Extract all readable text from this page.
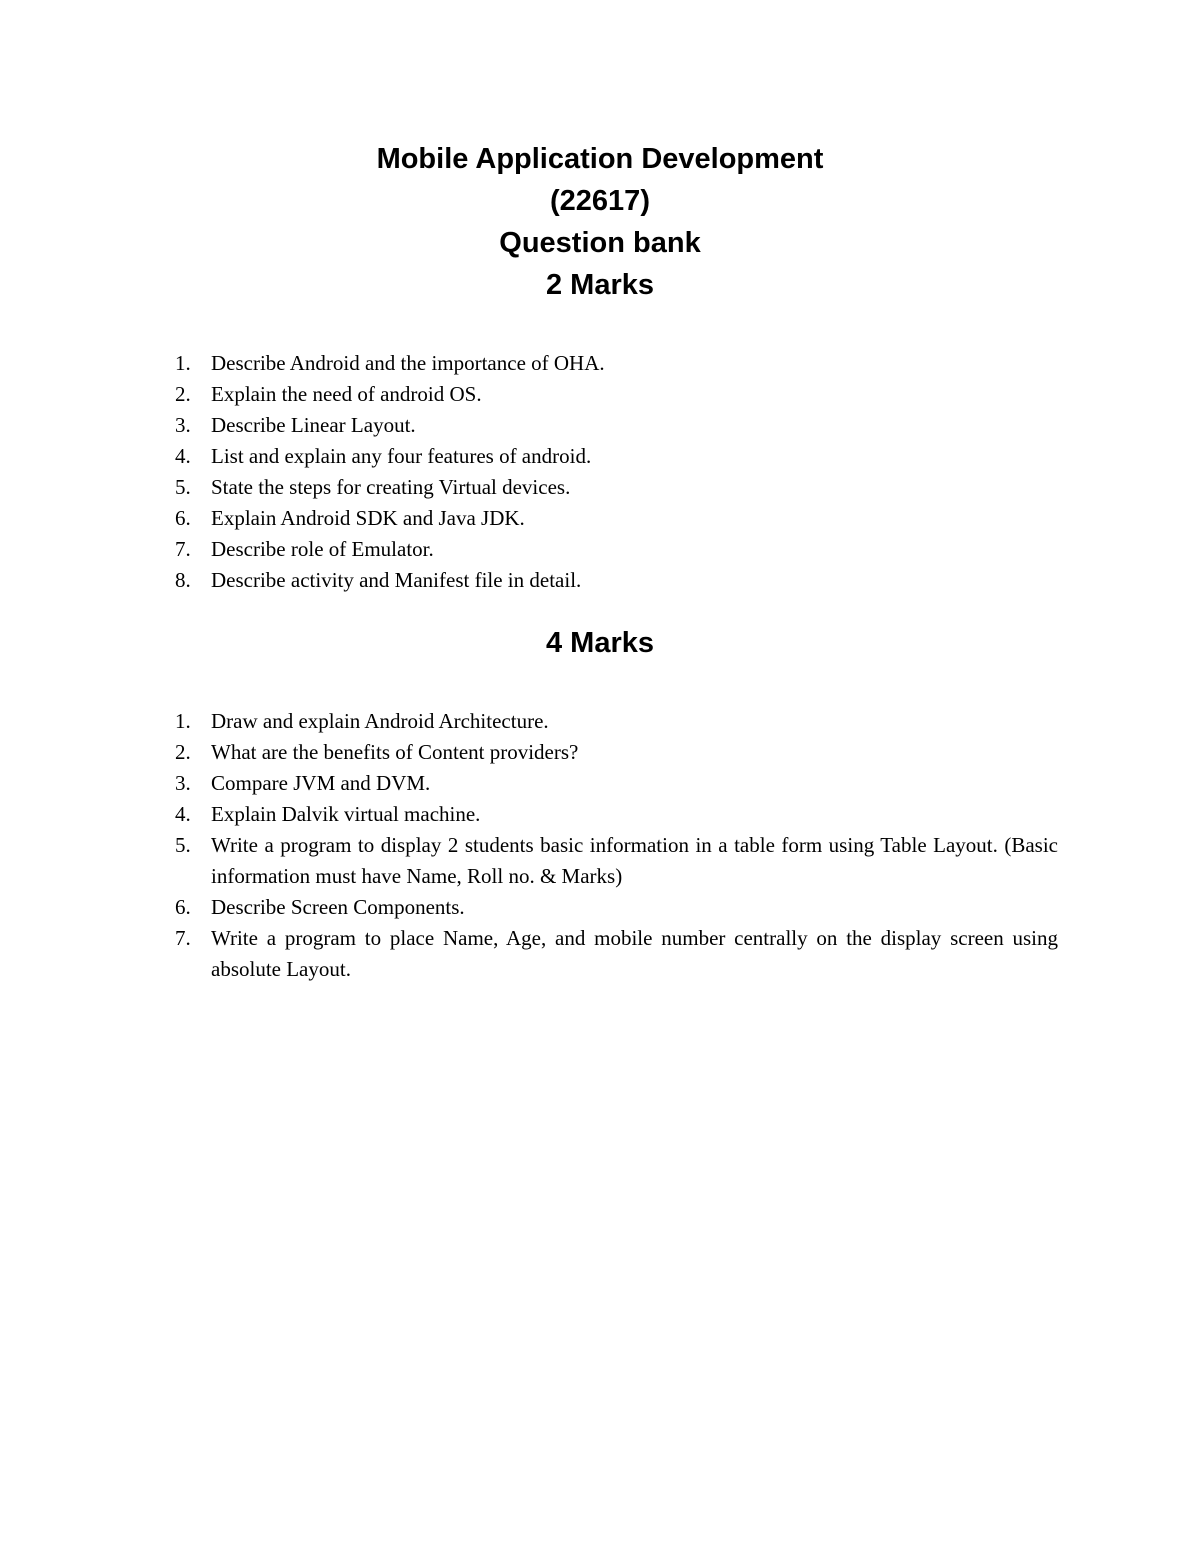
Mobile Application Development
(22617)
Question bank
2 Marks
1. Describe Android and the importance of OHA.
2. Explain the need of android OS.
3. Describe Linear Layout.
4. List and explain any four features of android.
5. State the steps for creating Virtual devices.
6. Explain Android SDK and Java JDK.
7. Describe role of Emulator.
8. Describe activity and Manifest file in detail.
4 Marks
1. Draw and explain Android Architecture.
2. What are the benefits of Content providers?
3. Compare JVM and DVM.
4. Explain Dalvik virtual machine.
5. Write a program to display 2 students basic information in a table form using Table Layout. (Basic information must have Name, Roll no. & Marks)
6. Describe Screen Components.
7. Write a program to place Name, Age, and mobile number centrally on the display screen using absolute Layout.
